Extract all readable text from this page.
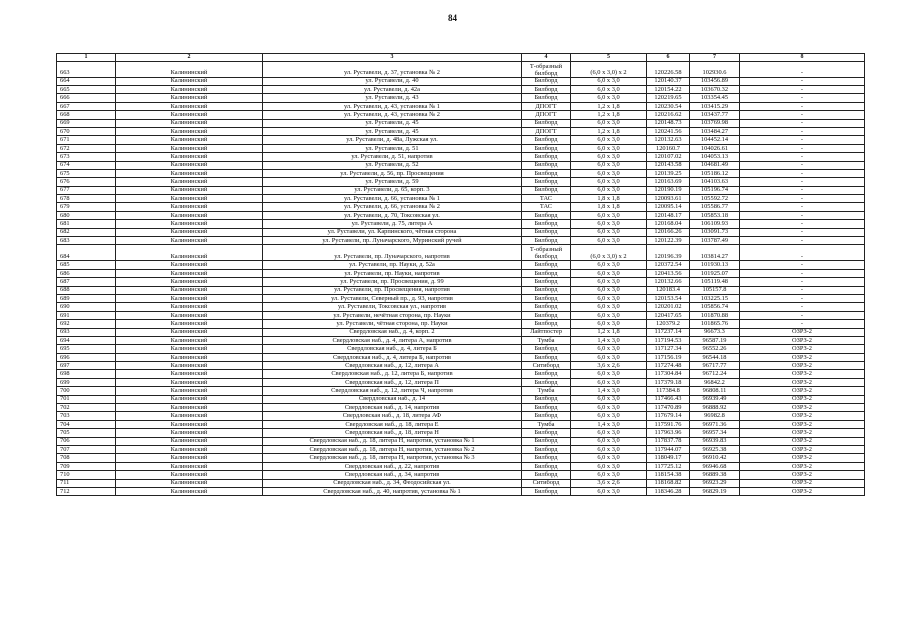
84
1	2	3	4	5	6	7	8
663	Калининский	ул. Руставели, д. 37, установка № 2	Т-образный билборд	(6,0 х 3,0) х 2	120226.58	102930.6	-
664	Калининский	ул. Руставели, д. 40	Билборд	6,0 х 3,0	120140.37	103456.89	-
665	Калининский	ул. Руставели, д. 42а	Билборд	6,0 х 3,0	120154.22	103670.32	-
666	Калининский	ул. Руставели, д. 43	Билборд	6,0 х 3,0	120219.65	103354.45	-
667	Калининский	ул. Руставели, д. 43, установка № 1	ДПОГТ	1,2 х 1,8	120230.54	103415.29	-
668	Калининский	ул. Руставели, д. 43, установка № 2	ДПОГТ	1,2 х 1,8	120216.62	103437.77	-
669	Калининский	ул. Руставели, д. 45	Билборд	6,0 х 3,0	120148.73	103769.98	-
670	Калининский	ул. Руставели, д. 45	ДПОГТ	1,2 х 1,8	120241.56	103484.27	-
671	Калининский	ул. Руставели, д. 48а, Лужская ул.	Билборд	6,0 х 3,0	120132.63	104452.14	-
672	Калининский	ул. Руставели, д. 51	Билборд	6,0 х 3,0	120160.7	104026.61	-
673	Калининский	ул. Руставели, д. 51, напротив	Билборд	6,0 х 3,0	120107.02	104053.13	-
674	Калининский	ул. Руставели, д. 52	Билборд	6,0 х 3,0	120143.58	104681.49	-
675	Калининский	ул. Руставели, д. 56, пр. Просвещения	Билборд	6,0 х 3,0	120139.25	105186.12	-
676	Калининский	ул. Руставели, д. 59	Билборд	6,0 х 3,0	120163.69	104103.63	-
677	Калининский	ул. Руставели, д. 65, корп. 3	Билборд	6,0 х 3,0	120190.19	105196.74	-
678	Калининский	ул. Руставели, д. 66, установка № 1	ТАС	1,8 х 1,8	120093.61	105592.72	-
679	Калининский	ул. Руставели, д. 66, установка № 2	ТАС	1,8 х 1,8	120095.14	105586.77	-
680	Калининский	ул. Руставели, д. 70, Токсовская ул.	Билборд	6,0 х 3,0	120148.17	105853.18	-
681	Калининский	ул. Руставели, д. 75, литера А	Билборд	6,0 х 3,0	120168.04	106109.93	-
682	Калининский	ул. Руставели, ул. Карпинского, чётная сторона	Билборд	6,0 х 3,0	120166.26	103091.73	-
683	Калининский	ул. Руставели, пр. Луначарского, Муринский ручей	Билборд	6,0 х 3,0	120122.39	103787.49	-
684	Калининский	ул. Руставели, пр. Луначарского, напротив	Т-образный билборд	(6,0 х 3,0) х 2	120196.39	103814.27	-
685	Калининский	ул. Руставели, пр. Науки, д. 52а	Билборд	6,0 х 3,0	120372.54	101930.13	-
686	Калининский	ул. Руставели, пр. Науки, напротив	Билборд	6,0 х 3,0	120413.56	101925.07	-
687	Калининский	ул. Руставели, пр. Просвещения, д. 99	Билборд	6,0 х 3,0	120132.66	105119.48	-
688	Калининский	ул. Руставели, пр. Просвещения, напротив	Билборд	6,0 х 3,0	120183.4	105157.8	-
689	Калининский	ул. Руставели, Северный пр., д. 93, напротив	Билборд	6,0 х 3,0	120153.54	103225.15	-
690	Калининский	ул. Руставели, Токсовская ул., напротив	Билборд	6,0 х 3,0	120201.02	105856.74	-
691	Калининский	ул. Руставели, нечётная сторона, пр. Науки	Билборд	6,0 х 3,0	120417.65	101870.88	-
692	Калининский	ул. Руставели, чётная сторона, пр. Науки	Билборд	6,0 х 3,0	120379.2	101865.76	-
693	Калининский	Свердловская наб., д. 4, корп. 2	Лайтпостер	1,2 х 1,8	117237.14	96673.3	ОЗРЗ-2
694	Калининский	Свердловская наб., д. 4, литера А, напротив	Тумба	1,4 х 3,0	117194.53	96587.19	ОЗРЗ-2
695	Калининский	Свердловская наб., д. 4, литера Б	Билборд	6,0 х 3,0	117127.34	96552.26	ОЗРЗ-2
696	Калининский	Свердловская наб., д. 4, литера Б, напротив	Билборд	6,0 х 3,0	117156.19	96544.18	ОЗРЗ-2
697	Калининский	Свердловская наб., д. 12, литера А	Ситиборд	3,6 х 2,6	117274.48	96717.77	ОЗРЗ-2
698	Калининский	Свердловская наб., д. 12, литера Б, напротив	Билборд	6,0 х 3,0	117304.84	96712.24	ОЗРЗ-2
699	Калининский	Свердловская наб., д. 12, литера П	Билборд	6,0 х 3,0	117379.18	96842.2	ОЗРЗ-2
700	Калининский	Свердловская наб., д. 12, литера Ч, напротив	Тумба	1,4 х 3,0	117384.8	96808.11	ОЗРЗ-2
701	Калининский	Свердловская наб., д. 14	Билборд	6,0 х 3,0	117466.43	96939.49	ОЗРЗ-2
702	Калининский	Свердловская наб., д. 14, напротив	Билборд	6,0 х 3,0	117470.89	96888.92	ОЗРЗ-2
703	Калининский	Свердловская наб., д. 18, литера АФ	Билборд	6,0 х 3,0	117679.14	96982.8	ОЗРЗ-2
704	Калининский	Свердловская наб., д. 18, литера Е	Тумба	1,4 х 3,0	117591.76	96971.36	ОЗРЗ-2
705	Калининский	Свердловская наб., д. 18, литера Н	Билборд	6,0 х 3,0	117963.96	96957.34	ОЗРЗ-2
706	Калининский	Свердловская наб., д. 18, литера Н, напротив, установка № 1	Билборд	6,0 х 3,0	117837.78	96939.83	ОЗРЗ-2
707	Калининский	Свердловская наб., д. 18, литера Н, напротив, установка № 2	Билборд	6,0 х 3,0	117944.07	96925.38	ОЗРЗ-2
708	Калининский	Свердловская наб., д. 18, литера Н, напротив, установка № 3	Билборд	6,0 х 3,0	118049.17	96910.42	ОЗРЗ-2
709	Калининский	Свердловская наб., д. 22, напротив	Билборд	6,0 х 3,0	117725.12	96946.68	ОЗРЗ-2
710	Калининский	Свердловская наб., д. 34, напротив	Билборд	6,0 х 3,0	118154.38	96889.38	ОЗРЗ-2
711	Калининский	Свердловская наб., д. 34, Феодосийская ул.	Ситиборд	3,6 х 2,6	118168.82	96923.29	ОЗРЗ-2
712	Калининский	Свердловская наб., д. 40, напротив, установка № 1	Билборд	6,0 х 3,0	118346.28	96829.19	ОЗРЗ-2
